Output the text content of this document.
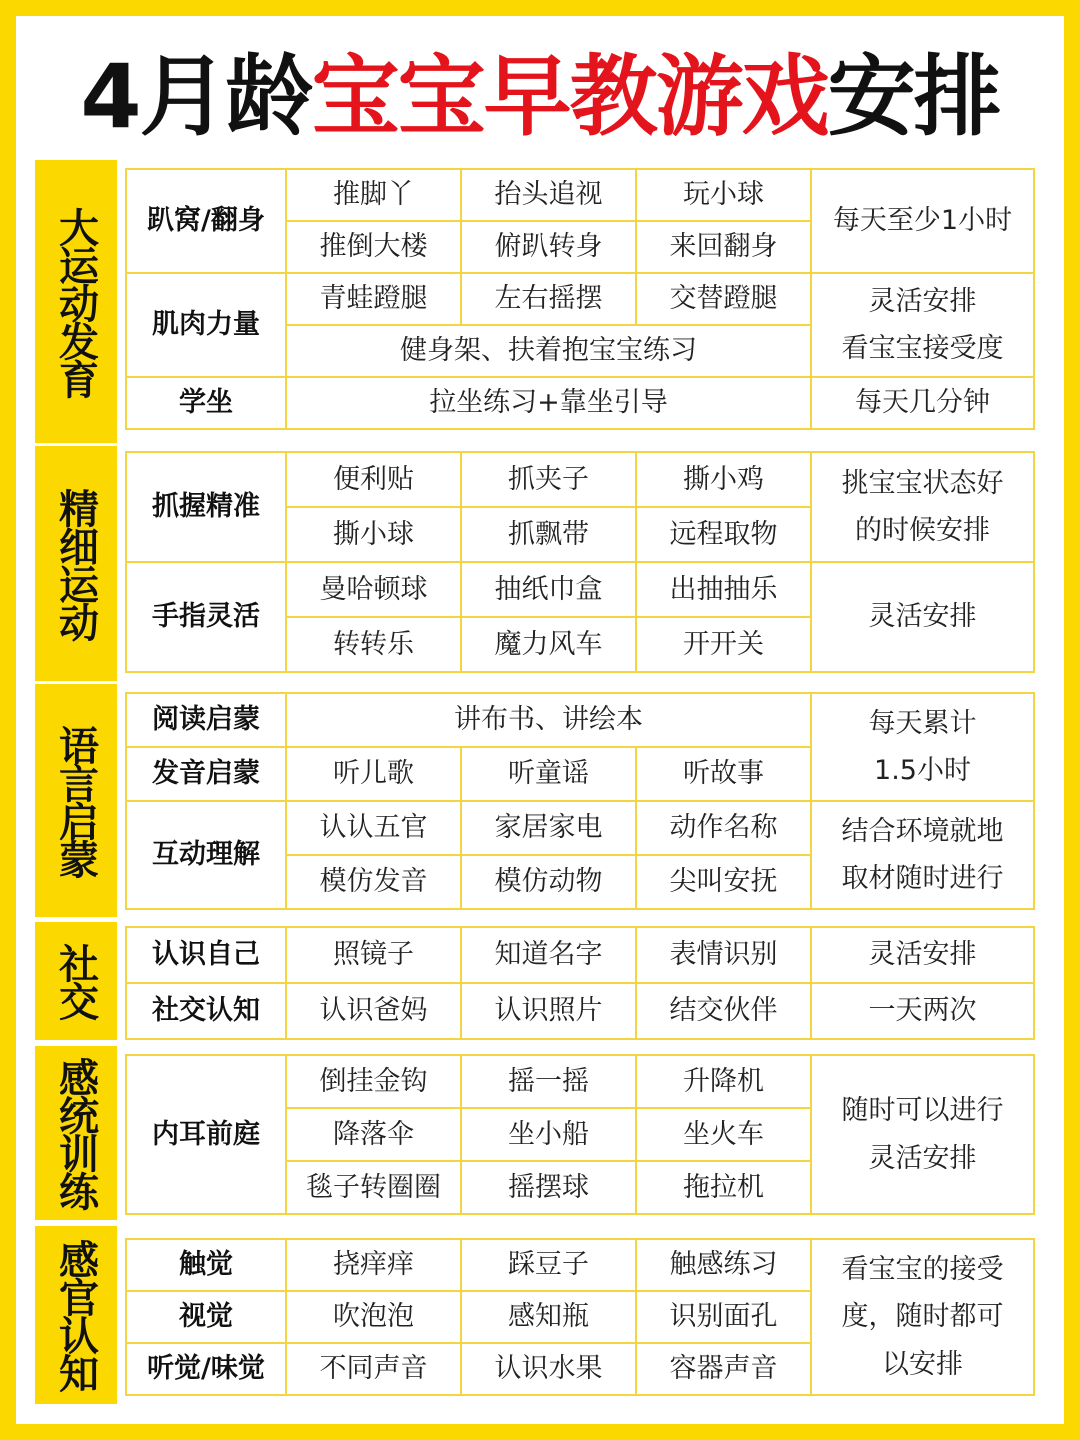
4月龄宝宝早教游戏安排
大运动发育 趴窝/翻身	推脚丫	抬头追视	玩小球	每天至少1小时
	推倒大楼	俯趴转身	来回翻身	
肌肉力量	青蛙蹬腿	左右摇摆	交替蹬腿	灵活安排
看宝宝接受度
	健身架、扶着抱宝宝练习			
学坐	拉坐练习+靠坐引导			每天几分钟
精细运动 抓握精准	便利贴	抓夹子	撕小鸡	挑宝宝状态好
的时候安排
	撕小球	抓飘带	远程取物	
手指灵活	曼哈顿球	抽纸巾盒	出抽抽乐	灵活安排
	转转乐	魔力风车	开开关	
语言启蒙
阅读启蒙	讲布书、讲绘本			每天累计
1.5小时
发音启蒙	听儿歌	听童谣	听故事	
互动理解	认认五官	家居家电	动作名称	结合环境就地
取材随时进行
	模仿发音	模仿动物	尖叫安抚	
社交 认识自己	照镜子	知道名字	表情识别	灵活安排
社交认知	认识爸妈	认识照片	结交伙伴	一天两次
感统训练 内耳前庭	倒挂金钩	摇一摇	升降机	随时可以进行
灵活安排
	降落伞	坐小船	坐火车	
	毯子转圈圈	摇摆球	拖拉机	
感官认知	触觉	挠痒痒	踩豆子	触感练习	看宝宝的接受
度，随时都可
以安排
视觉	吹泡泡	感知瓶	识别面孔	
听觉/味觉	不同声音	认识水果	容器声音	
